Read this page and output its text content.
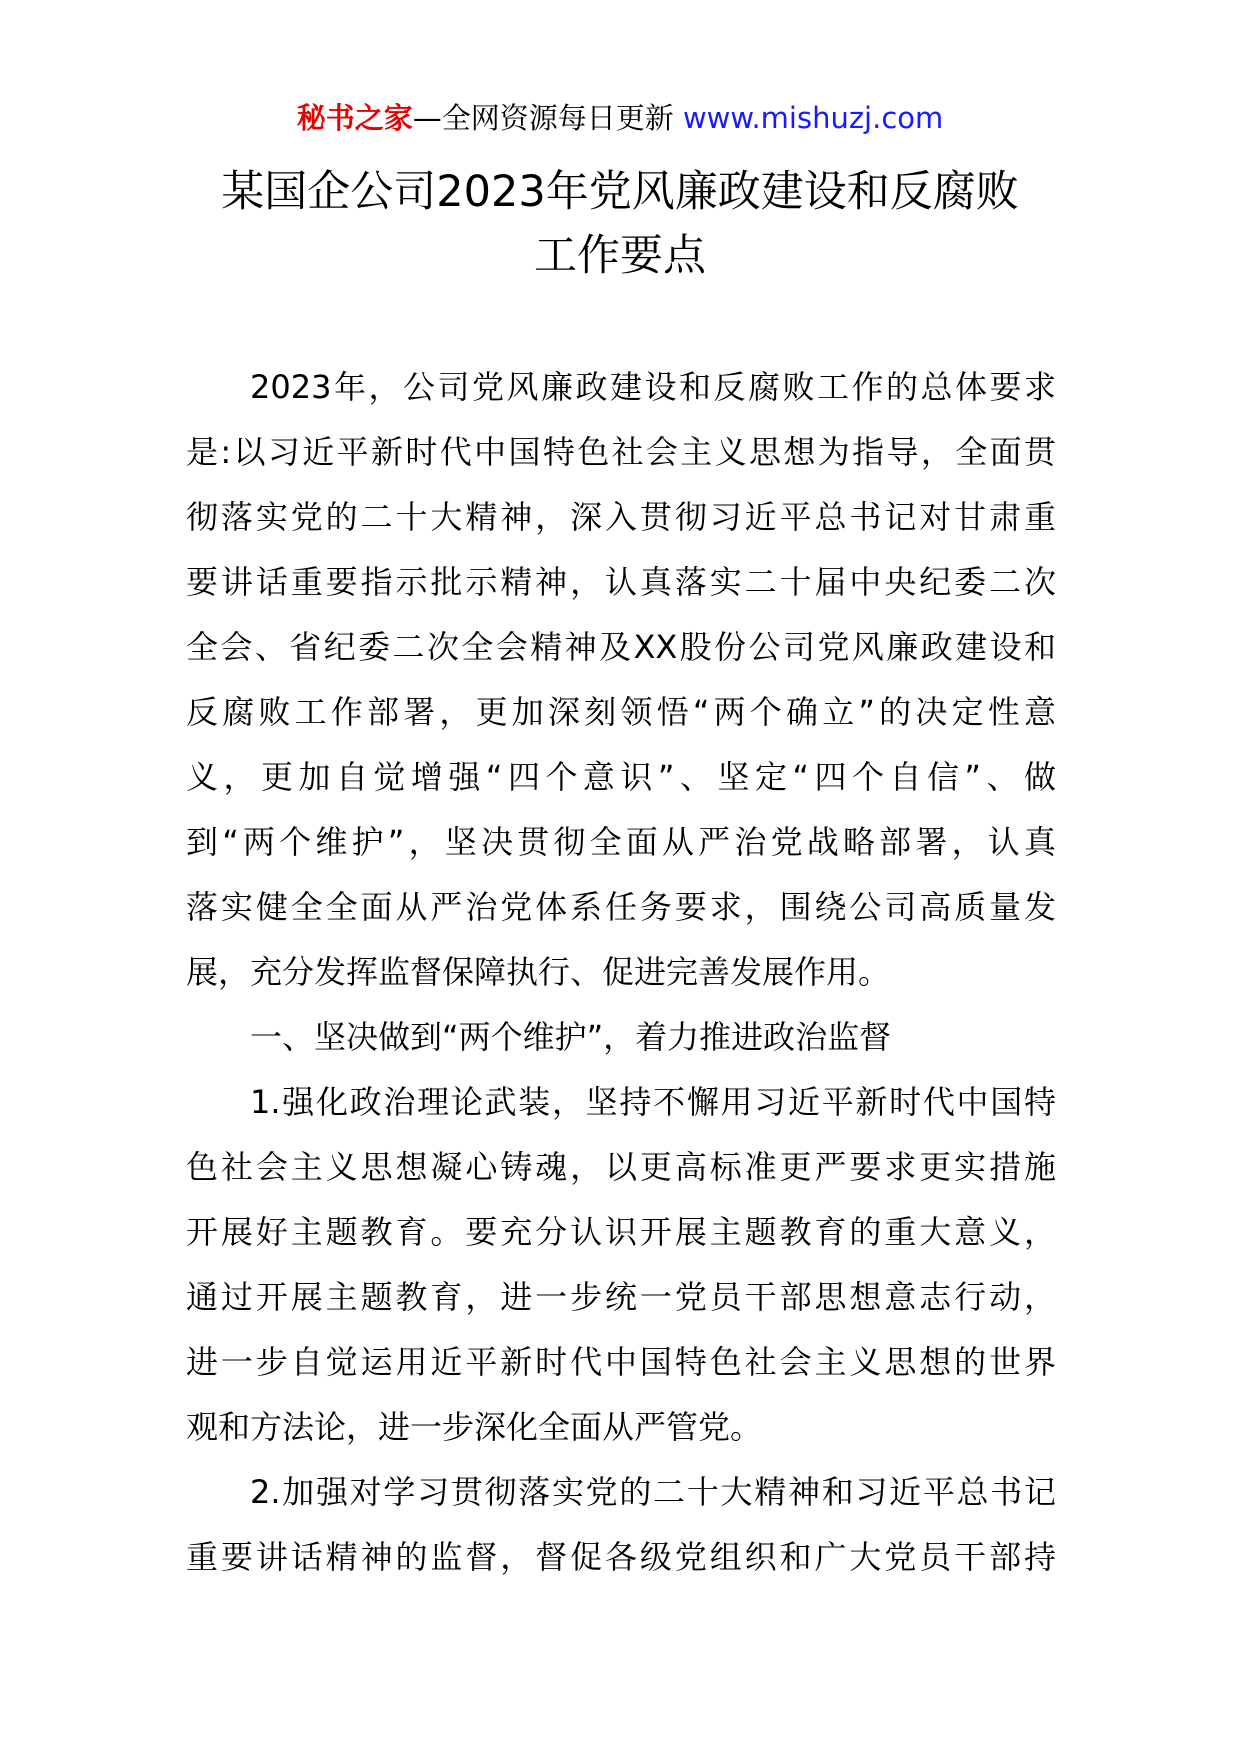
秘书之家—全网资源每日更新 www.mishuzj.com
某国企公司2023年党风廉政建设和反腐败
工作要点
2023年，公司党风廉政建设和反腐败工作的总体要求
是:以习近平新时代中国特色社会主义思想为指导，全面贯
彻落实党的二十大精神，深入贯彻习近平总书记对甘肃重
要讲话重要指示批示精神，认真落实二十届中央纪委二次
全会、省纪委二次全会精神及XX股份公司党风廉政建设和
反腐败工作部署，更加深刻领悟“两个确立”的决定性意
义，更加自觉增强“四个意识”、坚定“四个自信”、做
到“两个维护”，坚决贯彻全面从严治党战略部署，认真
落实健全全面从严治党体系任务要求，围绕公司高质量发
展，充分发挥监督保障执行、促进完善发展作用。
一、坚决做到“两个维护”，着力推进政治监督
1.强化政治理论武装，坚持不懈用习近平新时代中国特
色社会主义思想凝心铸魂，以更高标准更严要求更实措施
开展好主题教育。要充分认识开展主题教育的重大意义，
通过开展主题教育，进一步统一党员干部思想意志行动，
进一步自觉运用近平新时代中国特色社会主义思想的世界
观和方法论，进一步深化全面从严管党。
2.加强对学习贯彻落实党的二十大精神和习近平总书记
重要讲话精神的监督，督促各级党组织和广大党员干部持
